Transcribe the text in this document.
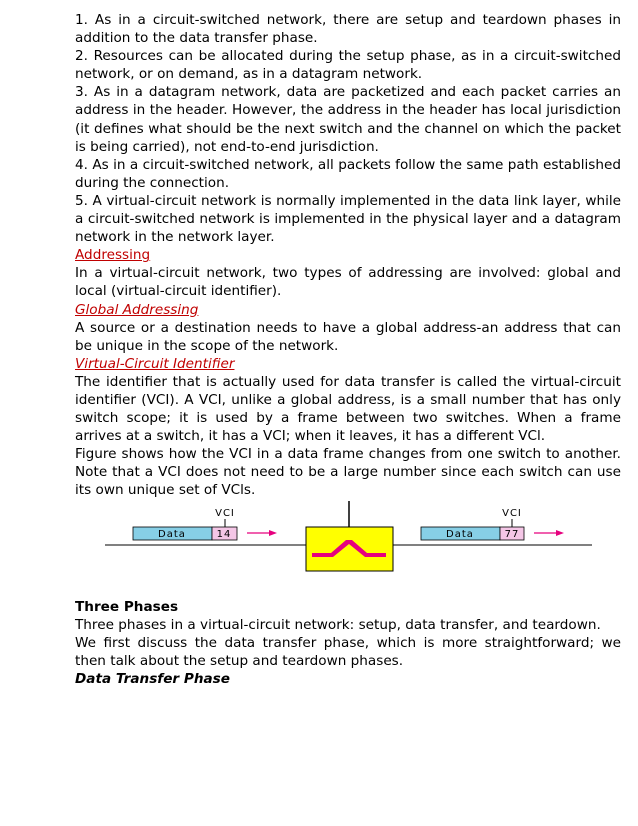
1. As in a circuit-switched network, there are setup and teardown phases in addition to the data transfer phase.

2. Resources can be allocated during the setup phase, as in a circuit-switched network, or on demand, as in a datagram network.

3. As in a datagram network, data are packetized and each packet carries an address in the header. However, the address in the header has local jurisdiction (it defines what should be the next switch and the channel on which the packet is being carried), not end-to-end jurisdiction.

4. As in a circuit-switched network, all packets follow the same path established during the connection.

5. A virtual-circuit network is normally implemented in the data link layer, while a circuit-switched network is implemented in the physical layer and a datagram network in the network layer.

Addressing

In a virtual-circuit network, two types of addressing are involved: global and local (virtual-circuit identifier).

Global Addressing

A source or a destination needs to have a global address-an address that can be unique in the scope of the network.

Virtual-Circuit Identifier

The identifier that is actually used for data transfer is called the virtual-circuit identifier (VCI). A VCI, unlike a global address, is a small number that has only switch scope; it is used by a frame between two switches. When a frame arrives at a switch, it has a VCI; when it leaves, it has a different VCl.

Figure shows how the VCI in a data frame changes from one switch to another. Note that a VCI does not need to be a large number since each switch can use its own unique set of VCls.

VCI
Data	14
VCI
Data	77

Three Phases

Three phases in a virtual-circuit network: setup, data transfer, and teardown.

We first discuss the data transfer phase, which is more straightforward; we then talk about the setup and teardown phases.

Data Transfer Phase
